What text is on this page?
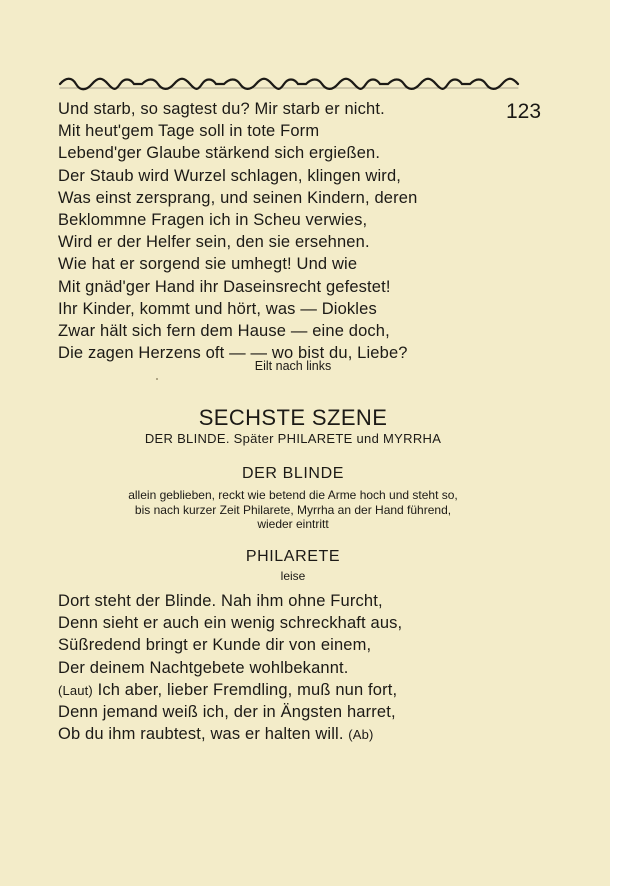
123
Und starb, so sagtest du? Mir starb er nicht.
Mit heut'gem Tage soll in tote Form
Lebend'ger Glaube stärkend sich ergießen.
Der Staub wird Wurzel schlagen, klingen wird,
Was einst zersprang, und seinen Kindern, deren
Beklommne Fragen ich in Scheu verwies,
Wird er der Helfer sein, den sie ersehnen.
Wie hat er sorgend sie umhegt! Und wie
Mit gnäd'ger Hand ihr Daseinsrecht gefestet!
Ihr Kinder, kommt und hört, was — Diokles
Zwar hält sich fern dem Hause — eine doch,
Die zagen Herzens oft — — wo bist du, Liebe?
Eilt nach links
SECHSTE SZENE
DER BLINDE. Später PHILARETE und MYRRHA
DER BLINDE
allein geblieben, reckt wie betend die Arme hoch und steht so,
bis nach kurzer Zeit Philarete, Myrrha an der Hand führend,
wieder eintritt
PHILARETE
leise
Dort steht der Blinde. Nah ihm ohne Furcht,
Denn sieht er auch ein wenig schreckhaft aus,
Süßredend bringt er Kunde dir von einem,
Der deinem Nachtgebete wohlbekannt.
(Laut) Ich aber, lieber Fremdling, muß nun fort,
Denn jemand weiß ich, der in Ängsten harret,
Ob du ihm raubtest, was er halten will. (Ab)
